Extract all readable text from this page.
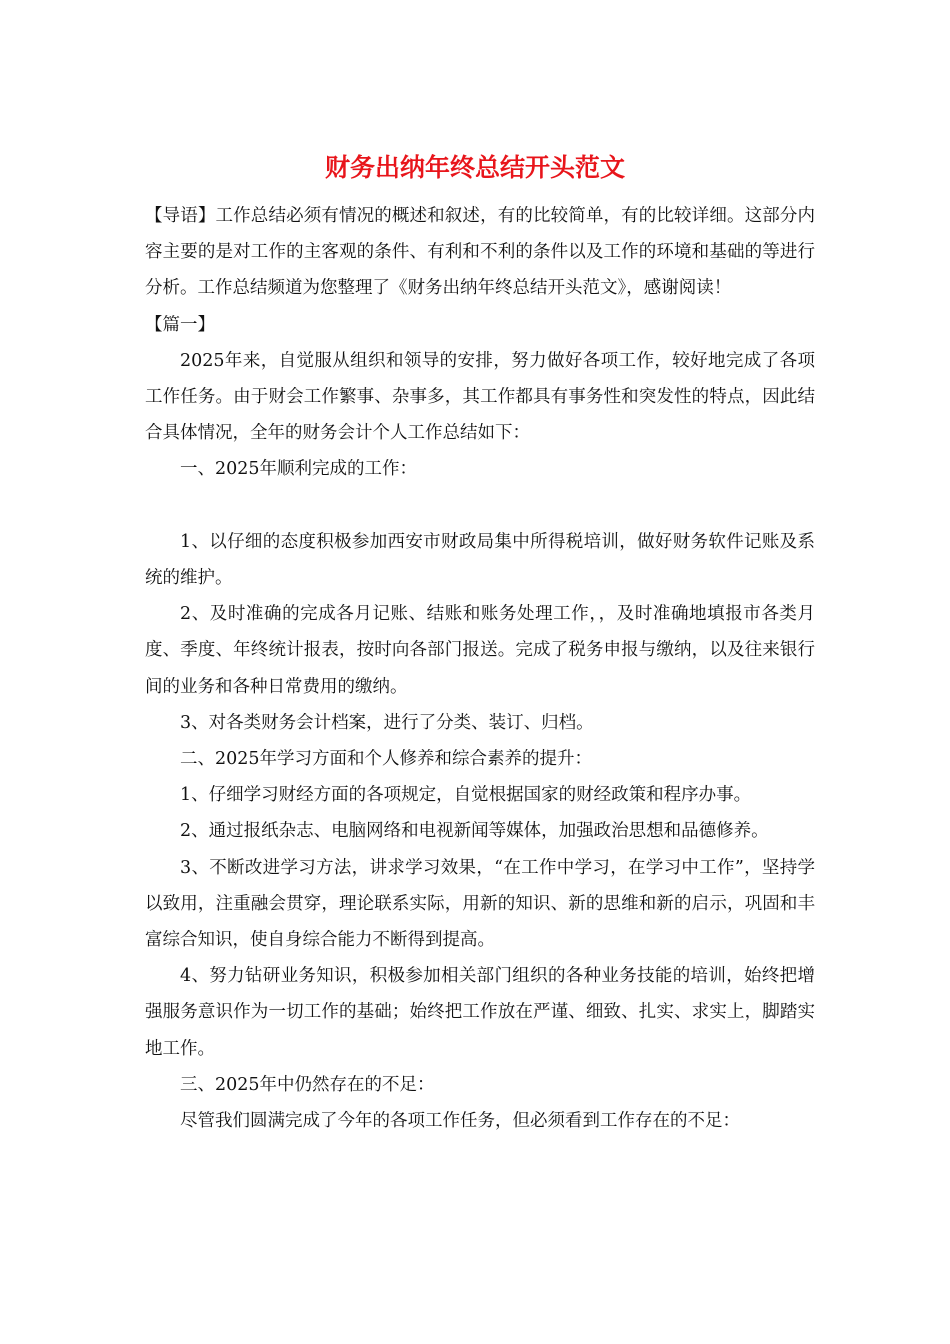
财务出纳年终总结开头范文

【导语】工作总结必须有情况的概述和叙述，有的比较简单，有的比较详细。这部分内容主要的是对工作的主客观的条件、有利和不利的条件以及工作的环境和基础的等进行分析。工作总结频道为您整理了《财务出纳年终总结开头范文》，感谢阅读！

【篇一】

2025年来，自觉服从组织和领导的安排，努力做好各项工作，较好地完成了各项工作任务。由于财会工作繁事、杂事多，其工作都具有事务性和突发性的特点，因此结合具体情况，全年的财务会计个人工作总结如下：

一、2025年顺利完成的工作：

1、以仔细的态度积极参加西安市财政局集中所得税培训，做好财务软件记账及系统的维护。

2、及时准确的完成各月记账、结账和账务处理工作，，及时准确地填报市各类月度、季度、年终统计报表，按时向各部门报送。完成了税务申报与缴纳，以及往来银行间的业务和各种日常费用的缴纳。

3、对各类财务会计档案，进行了分类、装订、归档。

二、2025年学习方面和个人修养和综合素养的提升：

1、仔细学习财经方面的各项规定，自觉根据国家的财经政策和程序办事。

2、通过报纸杂志、电脑网络和电视新闻等媒体，加强政治思想和品德修养。

3、不断改进学习方法，讲求学习效果，“在工作中学习，在学习中工作”，坚持学以致用，注重融会贯穿，理论联系实际，用新的知识、新的思维和新的启示，巩固和丰富综合知识，使自身综合能力不断得到提高。

4、努力钻研业务知识，积极参加相关部门组织的各种业务技能的培训，始终把增强服务意识作为一切工作的基础；始终把工作放在严谨、细致、扎实、求实上，脚踏实地工作。

三、2025年中仍然存在的不足：

尽管我们圆满完成了今年的各项工作任务，但必须看到工作存在的不足：
